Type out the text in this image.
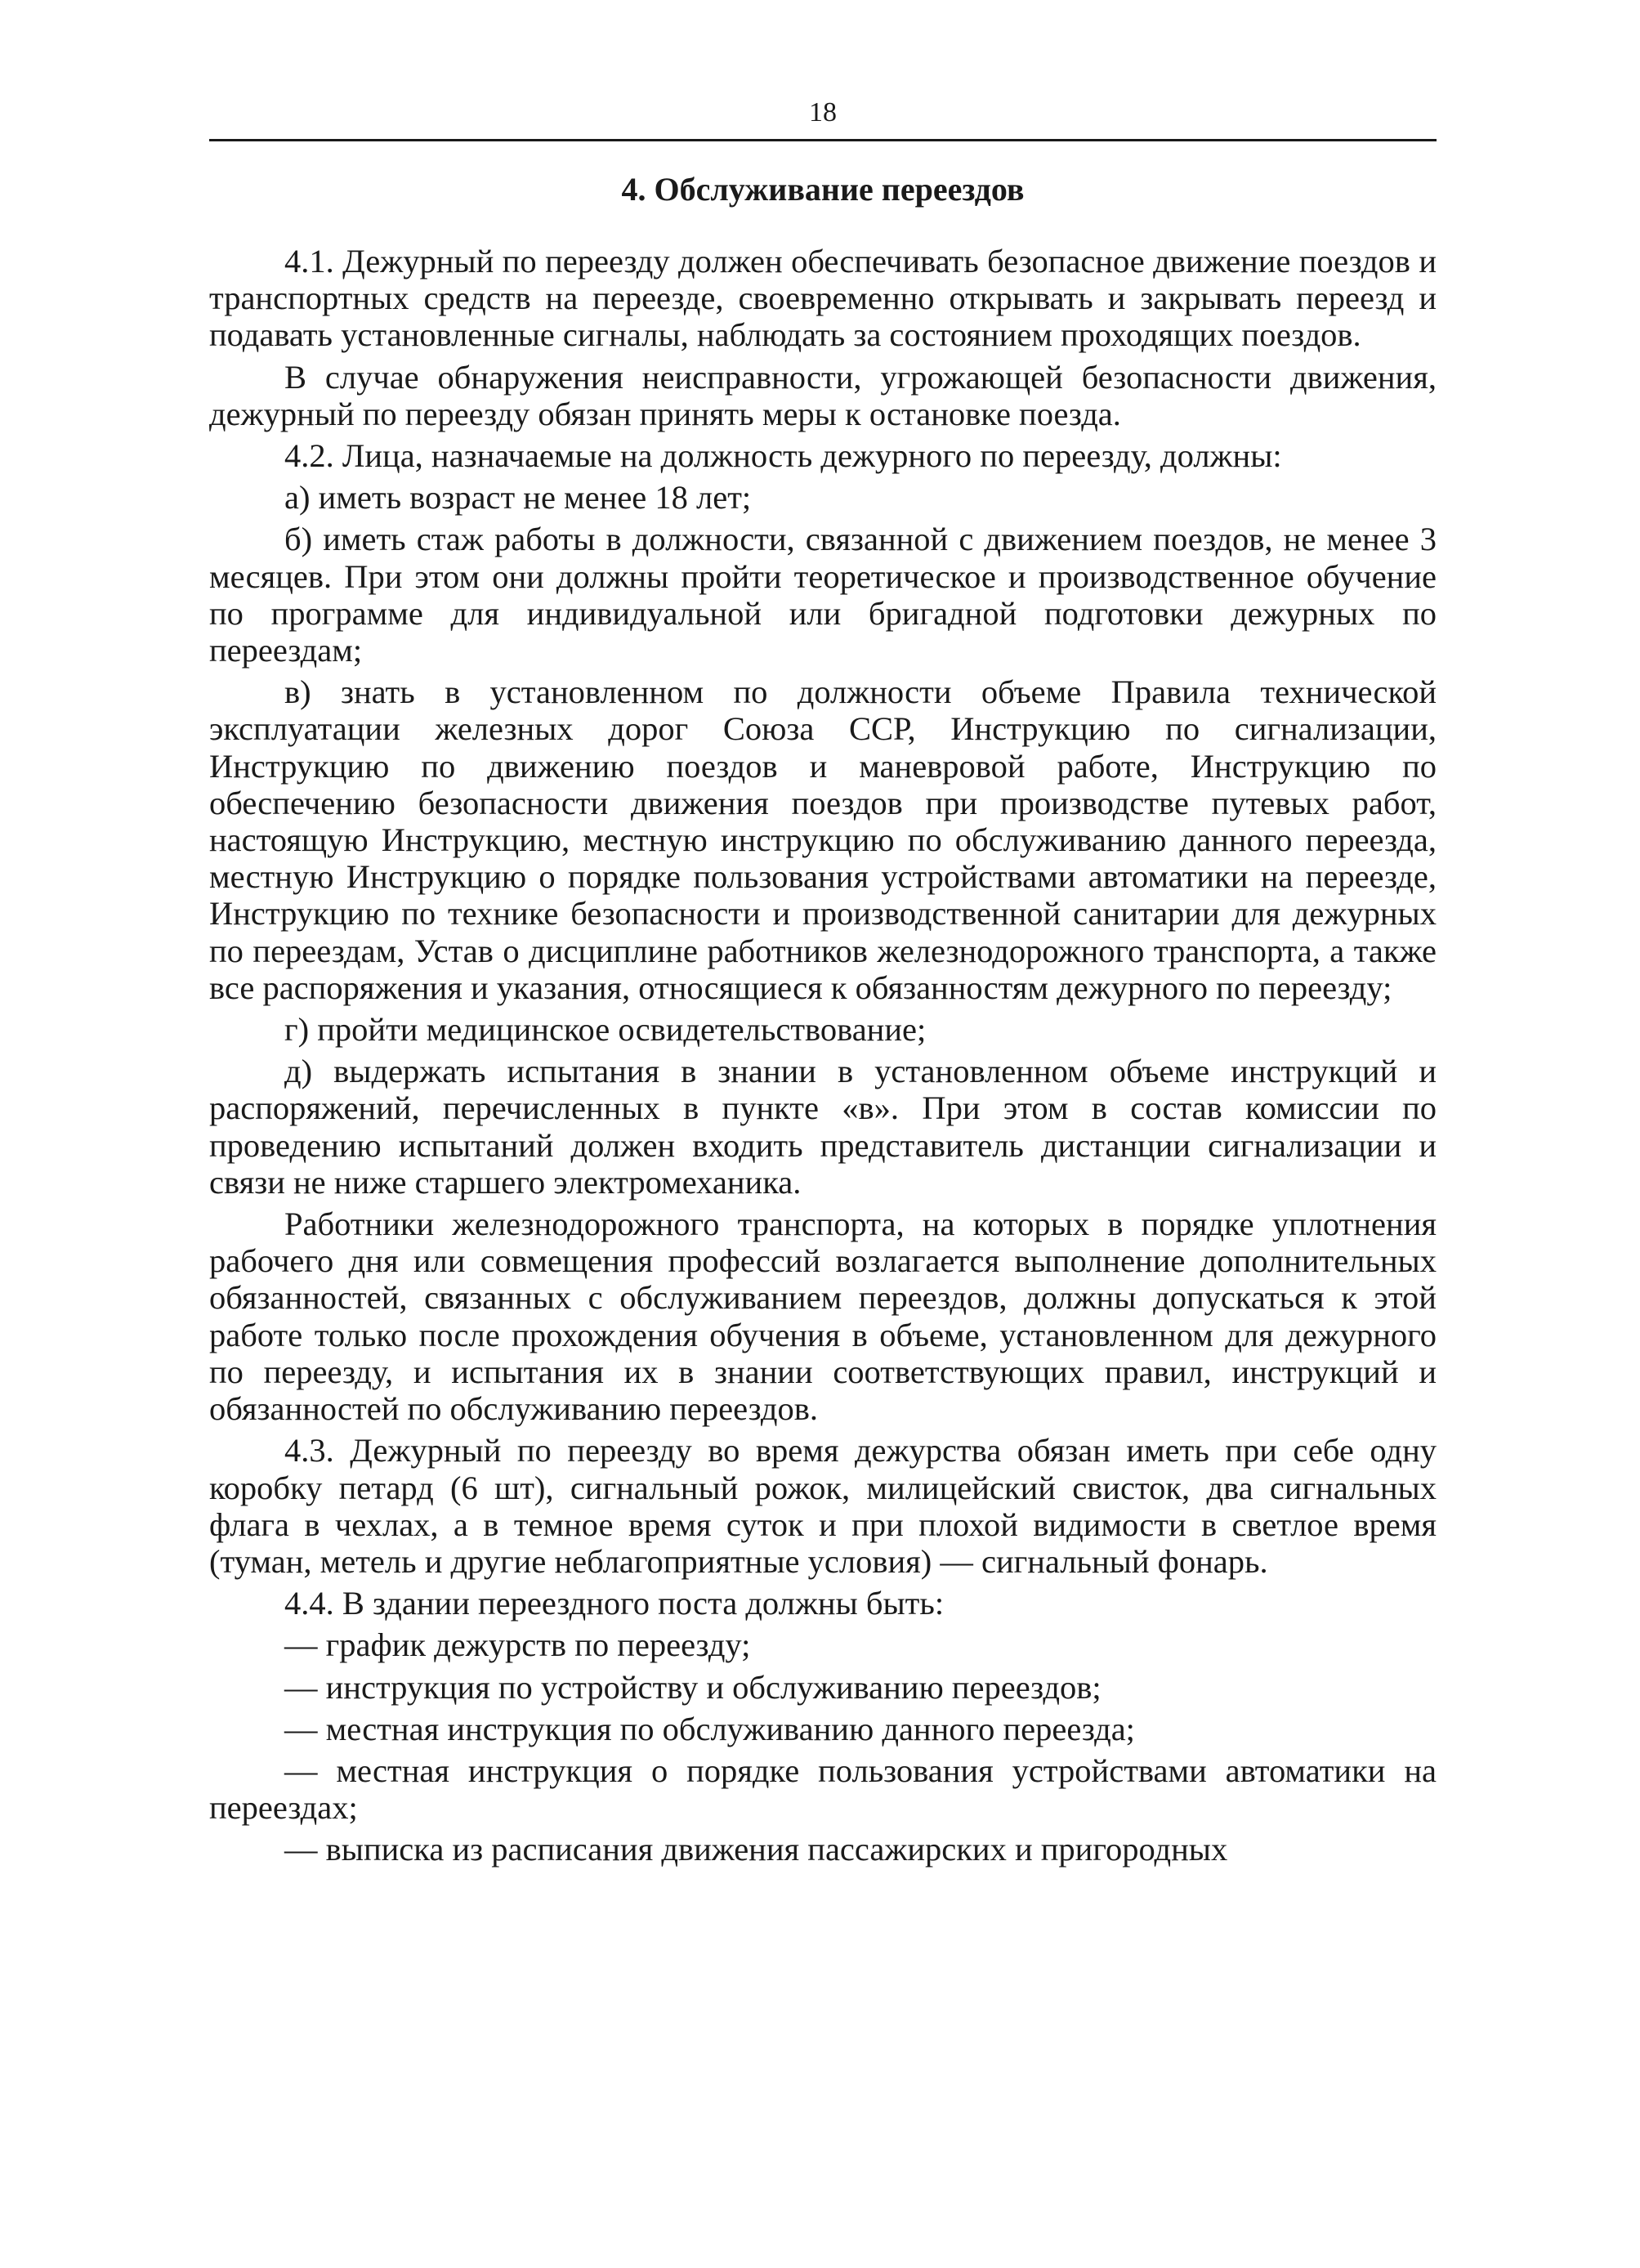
18
4. Обслуживание переездов

4.1. Дежурный по переезду должен обеспечивать безопасное движение поездов и транспортных средств на переезде, своевременно открывать и закрывать переезд и подавать установленные сигналы, наблюдать за состоянием проходящих поездов.

В случае обнаружения неисправности, угрожающей безопасности движения, дежурный по переезду обязан принять меры к остановке поезда.

4.2. Лица, назначаемые на должность дежурного по переезду, должны:

а) иметь возраст не менее 18 лет;

б) иметь стаж работы в должности, связанной с движением поездов, не менее 3 месяцев. При этом они должны пройти теоретическое и производственное обучение по программе для индивидуальной или бригадной подготовки дежурных по переездам;

в) знать в установленном по должности объеме Правила технической эксплуатации железных дорог Союза ССР, Инструкцию по сигнализации, Инструкцию по движению поездов и маневровой работе, Инструкцию по обеспечению безопасности движения поездов при производстве путевых работ, настоящую Инструкцию, местную инструкцию по обслуживанию данного переезда, местную Инструкцию о порядке пользования устройствами автоматики на переезде, Инструкцию по технике безопасности и производственной санитарии для дежурных по переездам, Устав о дисциплине работников железнодорожного транспорта, а также все распоряжения и указания, относящиеся к обязанностям дежурного по переезду;

г) пройти медицинское освидетельствование;

д) выдержать испытания в знании в установленном объеме инструкций и распоряжений, перечисленных в пункте «в». При этом в состав комиссии по проведению испытаний должен входить представитель дистанции сигнализации и связи не ниже старшего электромеханика.

Работники железнодорожного транспорта, на которых в порядке уплотнения рабочего дня или совмещения профессий возлагается выполнение дополнительных обязанностей, связанных с обслуживанием переездов, должны допускаться к этой работе только после прохождения обучения в объеме, установленном для дежурного по переезду, и испытания их в знании соответствующих правил, инструкций и обязанностей по обслуживанию переездов.

4.3. Дежурный по переезду во время дежурства обязан иметь при себе одну коробку петард (6 шт), сигнальный рожок, милицейский свисток, два сигнальных флага в чехлах, а в темное время суток и при плохой видимости в светлое время (туман, метель и другие неблагоприятные условия) — сигнальный фонарь.

4.4. В здании переездного поста должны быть:

— график дежурств по переезду;

— инструкция по устройству и обслуживанию переездов;

— местная инструкция по обслуживанию данного переезда;

— местная инструкция о порядке пользования устройствами автоматики на переездах;

— выписка из расписания движения пассажирских и пригородных
